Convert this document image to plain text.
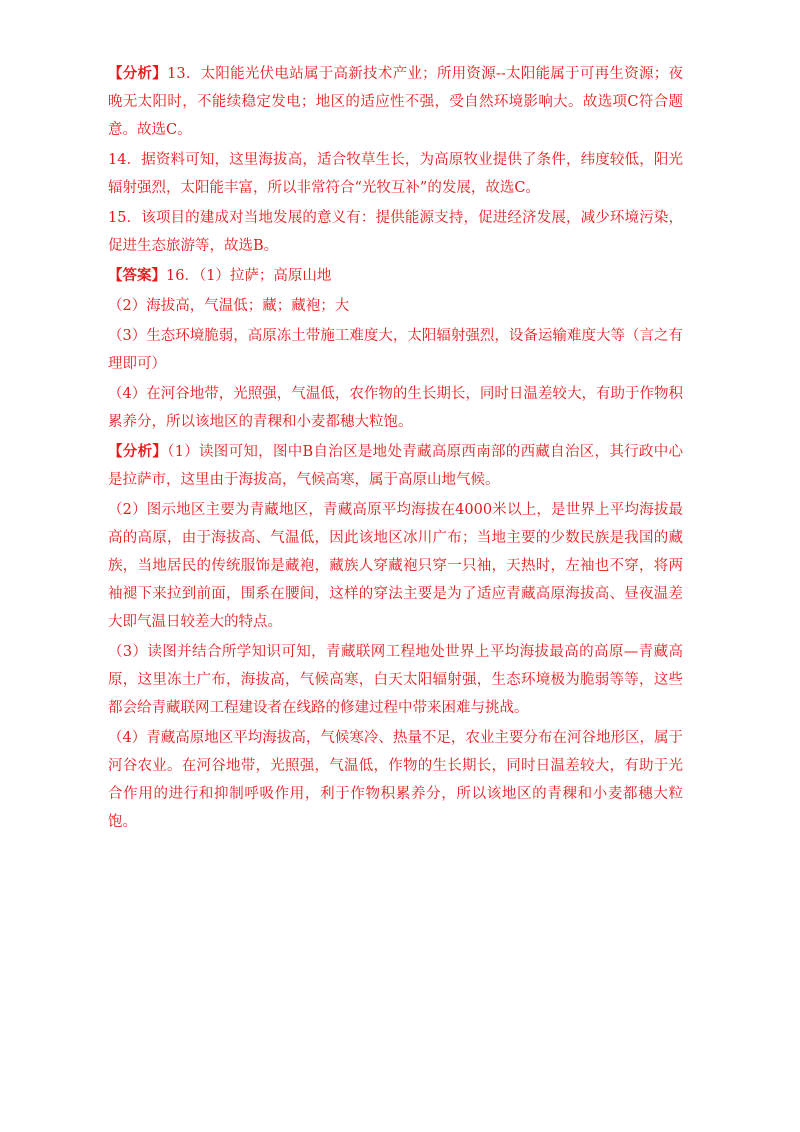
【分析】13．太阳能光伏电站属于高新技术产业；所用资源--太阳能属于可再生资源；夜晚无太阳时，不能续稳定发电；地区的适应性不强，受自然环境影响大。故选项C符合题意。故选C。

14．据资料可知，这里海拔高，适合牧草生长，为高原牧业提供了条件，纬度较低，阳光辐射强烈，太阳能丰富，所以非常符合“光牧互补”的发展，故选C。

15．该项目的建成对当地发展的意义有：提供能源支持，促进经济发展，减少环境污染，促进生态旅游等，故选B。

【答案】16．（1）拉萨；高原山地

（2）海拔高，气温低；藏；藏袍；大

（3）生态环境脆弱，高原冻土带施工难度大，太阳辐射强烈，设备运输难度大等（言之有理即可）

（4）在河谷地带，光照强，气温低，农作物的生长期长，同时日温差较大，有助于作物积累养分，所以该地区的青稞和小麦都穗大粒饱。

【分析】（1）读图可知，图中B自治区是地处青藏高原西南部的西藏自治区，其行政中心是拉萨市，这里由于海拔高，气候高寒，属于高原山地气候。

（2）图示地区主要为青藏地区，青藏高原平均海拔在4000米以上，是世界上平均海拔最高的高原，由于海拔高、气温低，因此该地区冰川广布；当地主要的少数民族是我国的藏族，当地居民的传统服饰是藏袍，藏族人穿藏袍只穿一只袖，天热时，左袖也不穿，将两袖褪下来拉到前面，围系在腰间，这样的穿法主要是为了适应青藏高原海拔高、昼夜温差大即气温日较差大的特点。

（3）读图并结合所学知识可知，青藏联网工程地处世界上平均海拔最高的高原—青藏高原，这里冻土广布，海拔高，气候高寒，白天太阳辐射强，生态环境极为脆弱等等，这些都会给青藏联网工程建设者在线路的修建过程中带来困难与挑战。

（4）青藏高原地区平均海拔高，气候寒冷、热量不足，农业主要分布在河谷地形区，属于河谷农业。在河谷地带，光照强，气温低，作物的生长期长，同时日温差较大，有助于光合作用的进行和抑制呼吸作用，利于作物积累养分，所以该地区的青稞和小麦都穗大粒饱。
